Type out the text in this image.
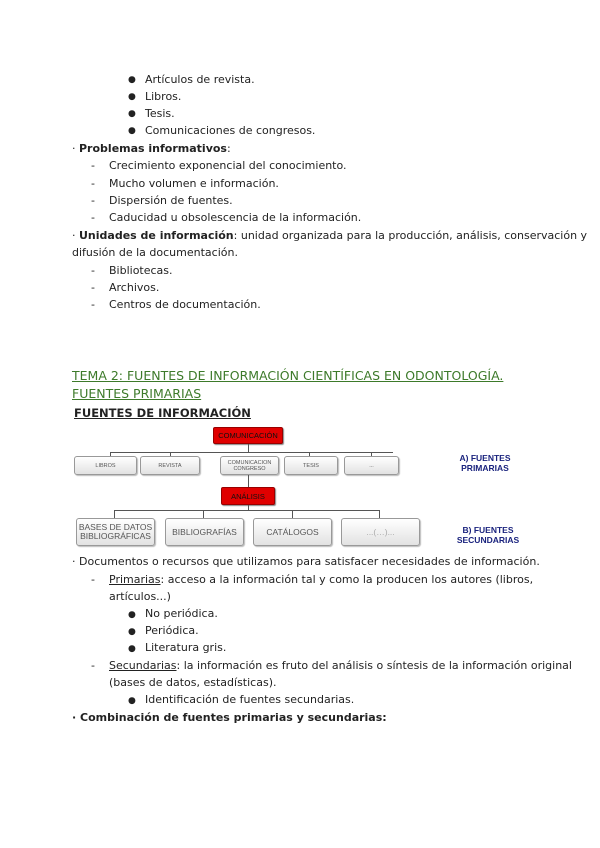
● Artículos de revista.
● Libros.
● Tesis.
● Comunicaciones de congresos.
· Problemas informativos:
- Crecimiento exponencial del conocimiento.
- Mucho volumen e información.
- Dispersión de fuentes.
- Caducidad u obsolescencia de la información.
· Unidades de información: unidad organizada para la producción, análisis, conservación y
difusión de la documentación.
- Bibliotecas.
- Archivos.
- Centros de documentación.
TEMA 2: FUENTES DE INFORMACIÓN CIENTÍFICAS EN ODONTOLOGÍA.
FUENTES PRIMARIAS
FUENTES DE INFORMACIÓN
COMUNICACIÓN
LIBROS	REVISTA	COMUNICACION CONGRESO	TESIS	...
ANÁLISIS
BASES DE DATOS BIBLIOGRÁFICAS	BIBLIOGRAFÍAS	CATÁLOGOS	...(…)...
A) FUENTES
PRIMARIAS
B) FUENTES
SECUNDARIAS
· Documentos o recursos que utilizamos para satisfacer necesidades de información.
- Primarias: acceso a la información tal y como la producen los autores (libros,
artículos...)
● No periódica.
● Periódica.
● Literatura gris.
- Secundarias: la información es fruto del análisis o síntesis de la información original
(bases de datos, estadísticas).
● Identificación de fuentes secundarias.
· Combinación de fuentes primarias y secundarias:
